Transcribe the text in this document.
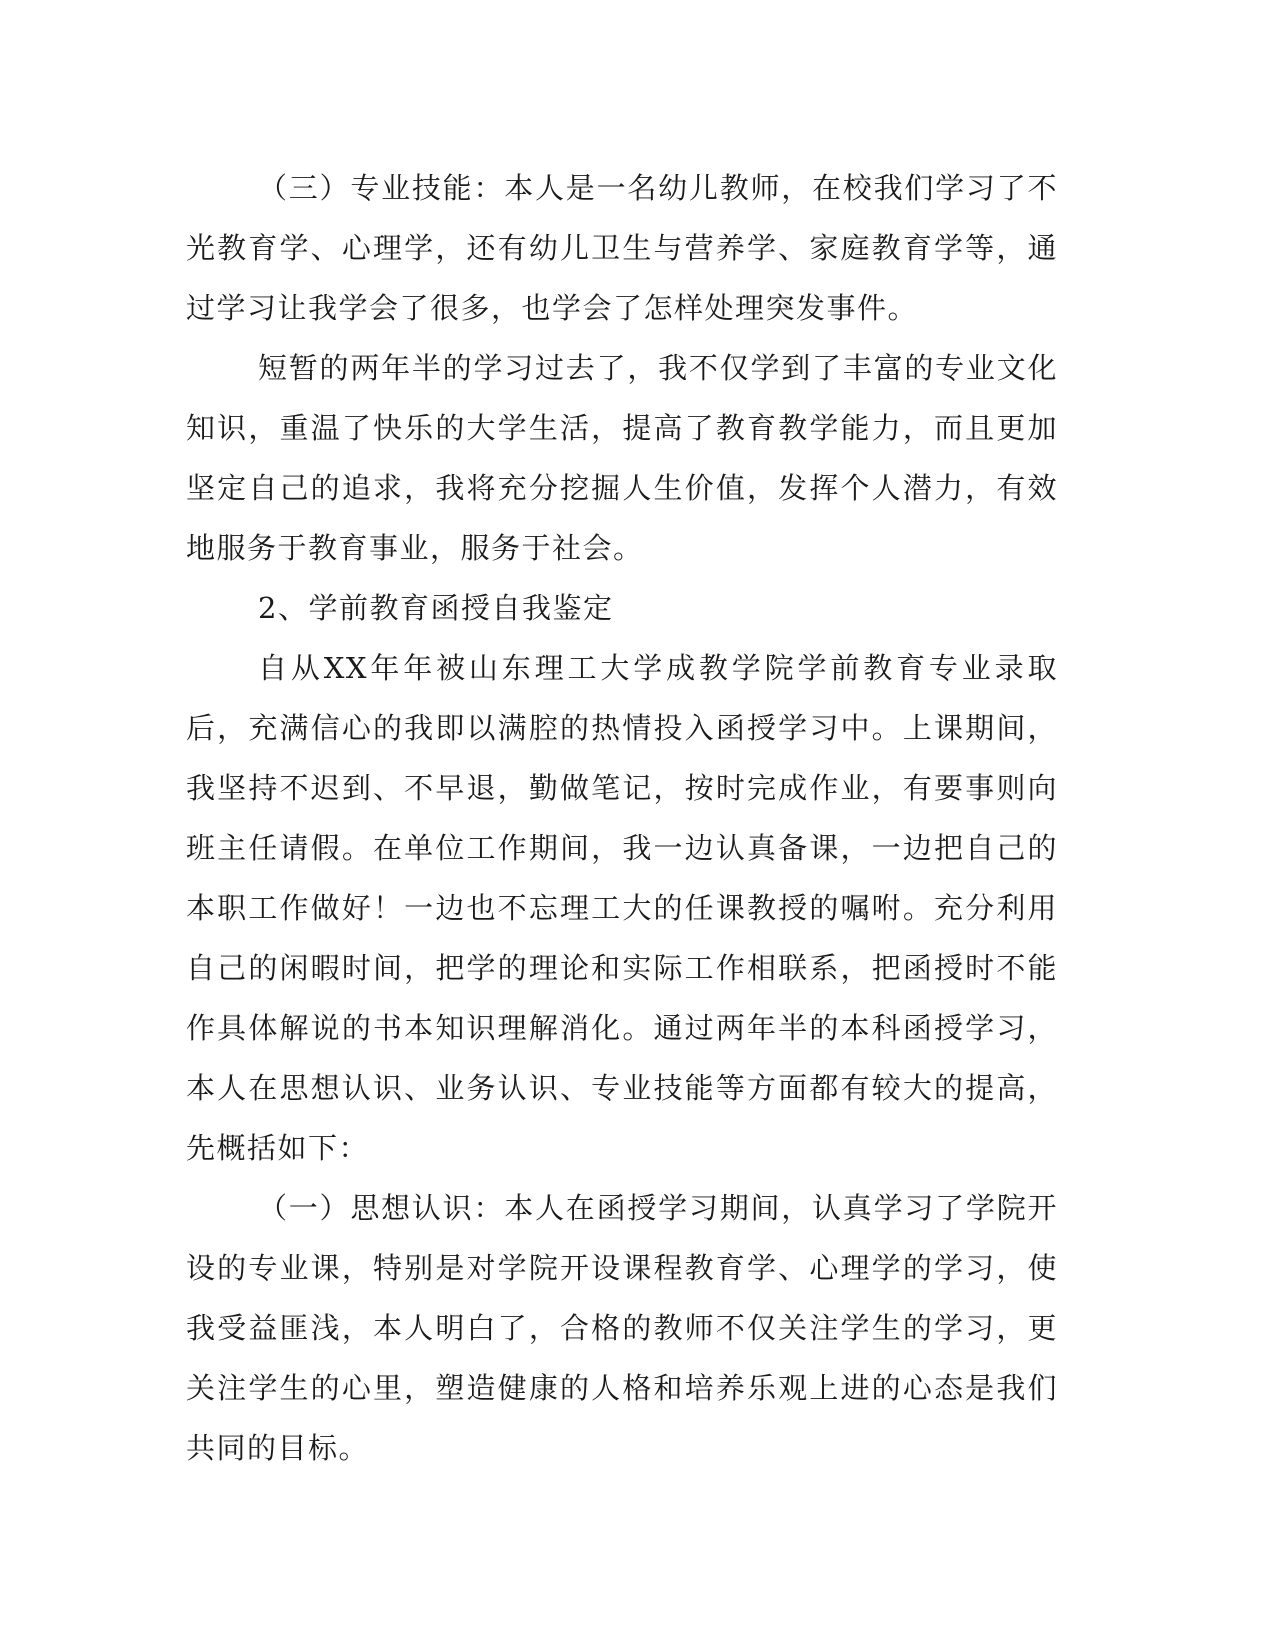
（三）专业技能：本人是一名幼儿教师，在校我们学习了不光教育学、心理学，还有幼儿卫生与营养学、家庭教育学等，通过学习让我学会了很多，也学会了怎样处理突发事件。

短暂的两年半的学习过去了，我不仅学到了丰富的专业文化知识，重温了快乐的大学生活，提高了教育教学能力，而且更加坚定自己的追求，我将充分挖掘人生价值，发挥个人潜力，有效地服务于教育事业，服务于社会。

2、学前教育函授自我鉴定

自从XX年年被山东理工大学成教学院学前教育专业录取后，充满信心的我即以满腔的热情投入函授学习中。上课期间，我坚持不迟到、不早退，勤做笔记，按时完成作业，有要事则向班主任请假。在单位工作期间，我一边认真备课，一边把自己的本职工作做好！一边也不忘理工大的任课教授的嘱咐。充分利用自己的闲暇时间，把学的理论和实际工作相联系，把函授时不能作具体解说的书本知识理解消化。通过两年半的本科函授学习，本人在思想认识、业务认识、专业技能等方面都有较大的提高，先概括如下：

（一）思想认识：本人在函授学习期间，认真学习了学院开设的专业课，特别是对学院开设课程教育学、心理学的学习，使我受益匪浅，本人明白了，合格的教师不仅关注学生的学习，更关注学生的心里，塑造健康的人格和培养乐观上进的心态是我们共同的目标。
